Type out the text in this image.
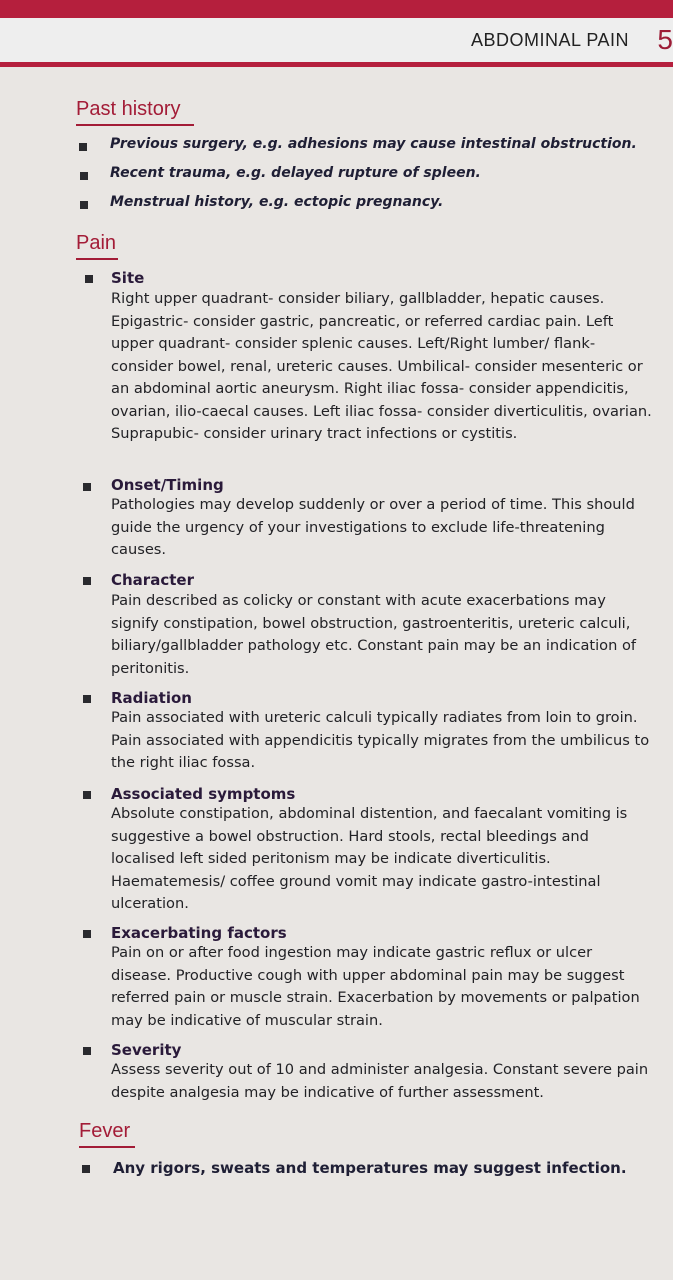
ABDOMINAL PAIN 5
Past history
Previous surgery, e.g. adhesions may cause intestinal obstruction.
Recent trauma, e.g. delayed rupture of spleen.
Menstrual history, e.g. ectopic pregnancy.
Pain
Site
Right upper quadrant- consider biliary, gallbladder, hepatic causes. Epigastric- consider gastric, pancreatic, or referred cardiac pain. Left upper quadrant- consider splenic causes. Left/Right lumber/ flank- consider bowel, renal, ureteric causes. Umbilical- consider mesenteric or an abdominal aortic aneurysm. Right iliac fossa- consider appendicitis, ovarian, ilio-caecal causes. Left iliac fossa- consider diverticulitis, ovarian. Suprapubic- consider urinary tract infections or cystitis.
Onset/Timing
Pathologies may develop suddenly or over a period of time. This should guide the urgency of your investigations to exclude life-threatening causes.
Character
Pain described as colicky or constant with acute exacerbations may signify constipation, bowel obstruction, gastroenteritis, ureteric calculi, biliary/gallbladder pathology etc. Constant pain may be an indication of peritonitis.
Radiation
Pain associated with ureteric calculi typically radiates from loin to groin. Pain associated with appendicitis typically migrates from the umbilicus to the right iliac fossa.
Associated symptoms
Absolute constipation, abdominal distention, and faecalant vomiting is suggestive a bowel obstruction. Hard stools, rectal bleedings and localised left sided peritonism may be indicate diverticulitis. Haematemesis/ coffee ground vomit may indicate gastro-intestinal ulceration.
Exacerbating factors
Pain on or after food ingestion may indicate gastric reflux or ulcer disease. Productive cough with upper abdominal pain may be suggest referred pain or muscle strain. Exacerbation by movements or palpation may be indicative of muscular strain.
Severity
Assess severity out of 10 and administer analgesia. Constant severe pain despite analgesia may be indicative of further assessment.
Fever
Any rigors, sweats and temperatures may suggest infection.
